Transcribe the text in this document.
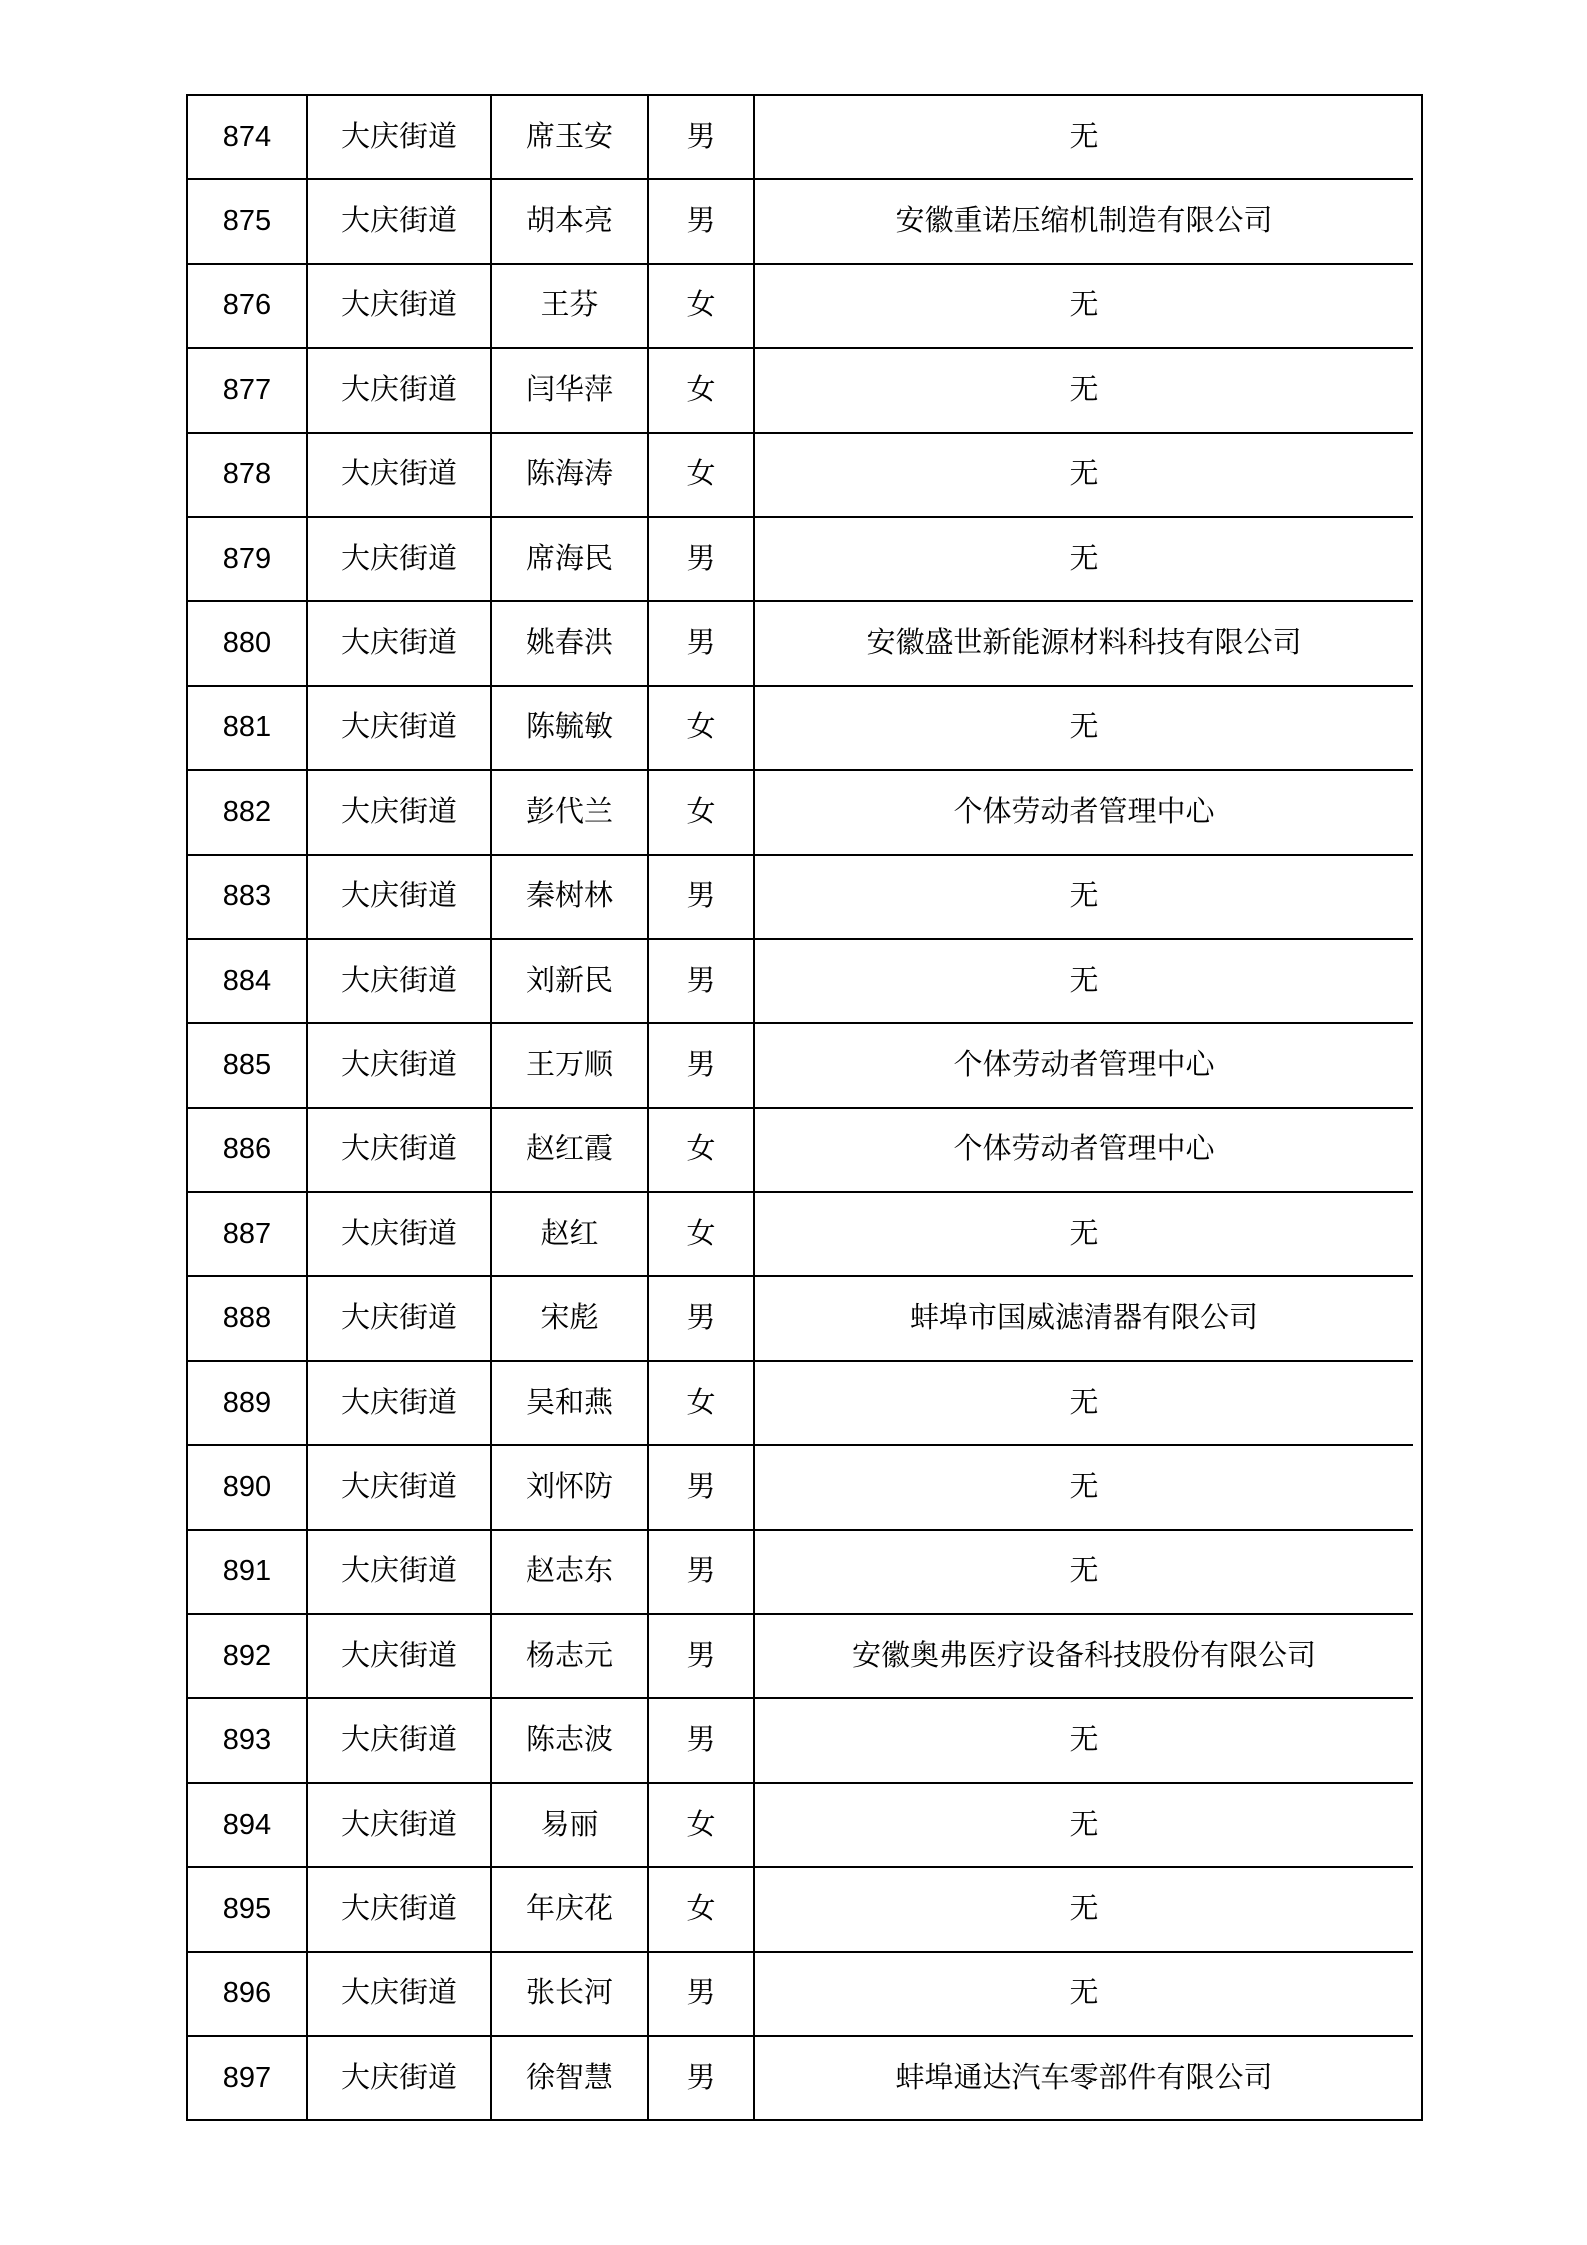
874	大庆街道	席玉安	男	无
875	大庆街道	胡本亮	男	安徽重诺压缩机制造有限公司
876	大庆街道	王芬	女	无
877	大庆街道	闫华萍	女	无
878	大庆街道	陈海涛	女	无
879	大庆街道	席海民	男	无
880	大庆街道	姚春洪	男	安徽盛世新能源材料科技有限公司
881	大庆街道	陈毓敏	女	无
882	大庆街道	彭代兰	女	个体劳动者管理中心
883	大庆街道	秦树林	男	无
884	大庆街道	刘新民	男	无
885	大庆街道	王万顺	男	个体劳动者管理中心
886	大庆街道	赵红霞	女	个体劳动者管理中心
887	大庆街道	赵红	女	无
888	大庆街道	宋彪	男	蚌埠市国威滤清器有限公司
889	大庆街道	吴和燕	女	无
890	大庆街道	刘怀防	男	无
891	大庆街道	赵志东	男	无
892	大庆街道	杨志元	男	安徽奥弗医疗设备科技股份有限公司
893	大庆街道	陈志波	男	无
894	大庆街道	易丽	女	无
895	大庆街道	年庆花	女	无
896	大庆街道	张长河	男	无
897	大庆街道	徐智慧	男	蚌埠通达汽车零部件有限公司
